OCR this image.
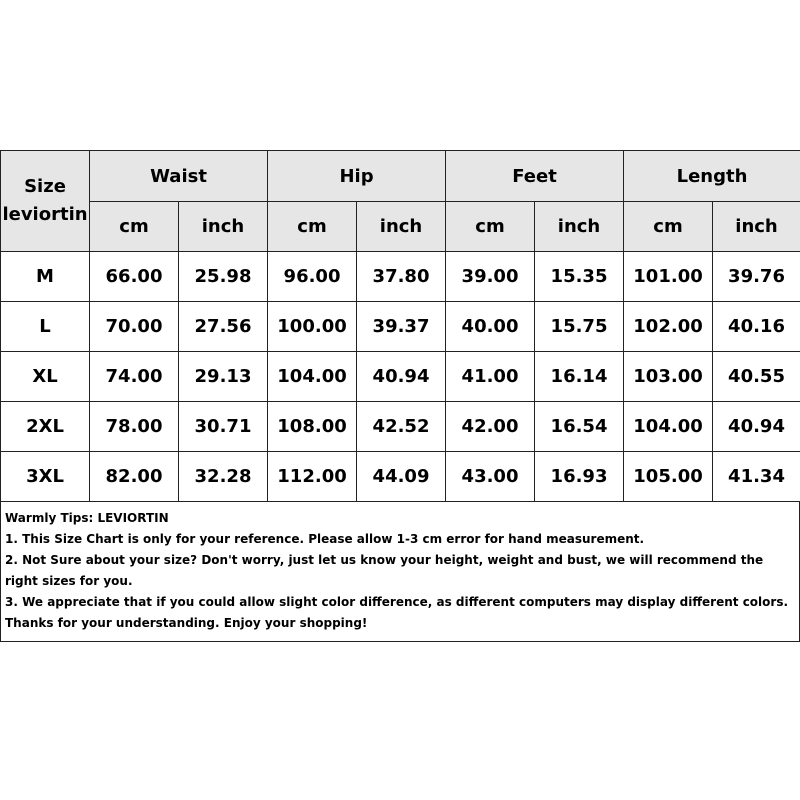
Size
leviortin	Waist		Hip		Feet		Length	
	cm	inch	cm	inch	cm	inch	cm	inch
M	66.00	25.98	96.00	37.80	39.00	15.35	101.00	39.76
L	70.00	27.56	100.00	39.37	40.00	15.75	102.00	40.16
XL	74.00	29.13	104.00	40.94	41.00	16.14	103.00	40.55
2XL	78.00	30.71	108.00	42.52	42.00	16.54	104.00	40.94
3XL	82.00	32.28	112.00	44.09	43.00	16.93	105.00	41.34
Warmly Tips: LEVIORTIN
1. This Size Chart is only for your reference. Please allow 1-3 cm error for hand measurement.
2. Not Sure about your size? Don't worry, just let us know your height, weight and bust, we will recommend the right sizes for you.
3. We appreciate that if you could allow slight color difference, as different computers may display different colors.
Thanks for your understanding. Enjoy your shopping!
